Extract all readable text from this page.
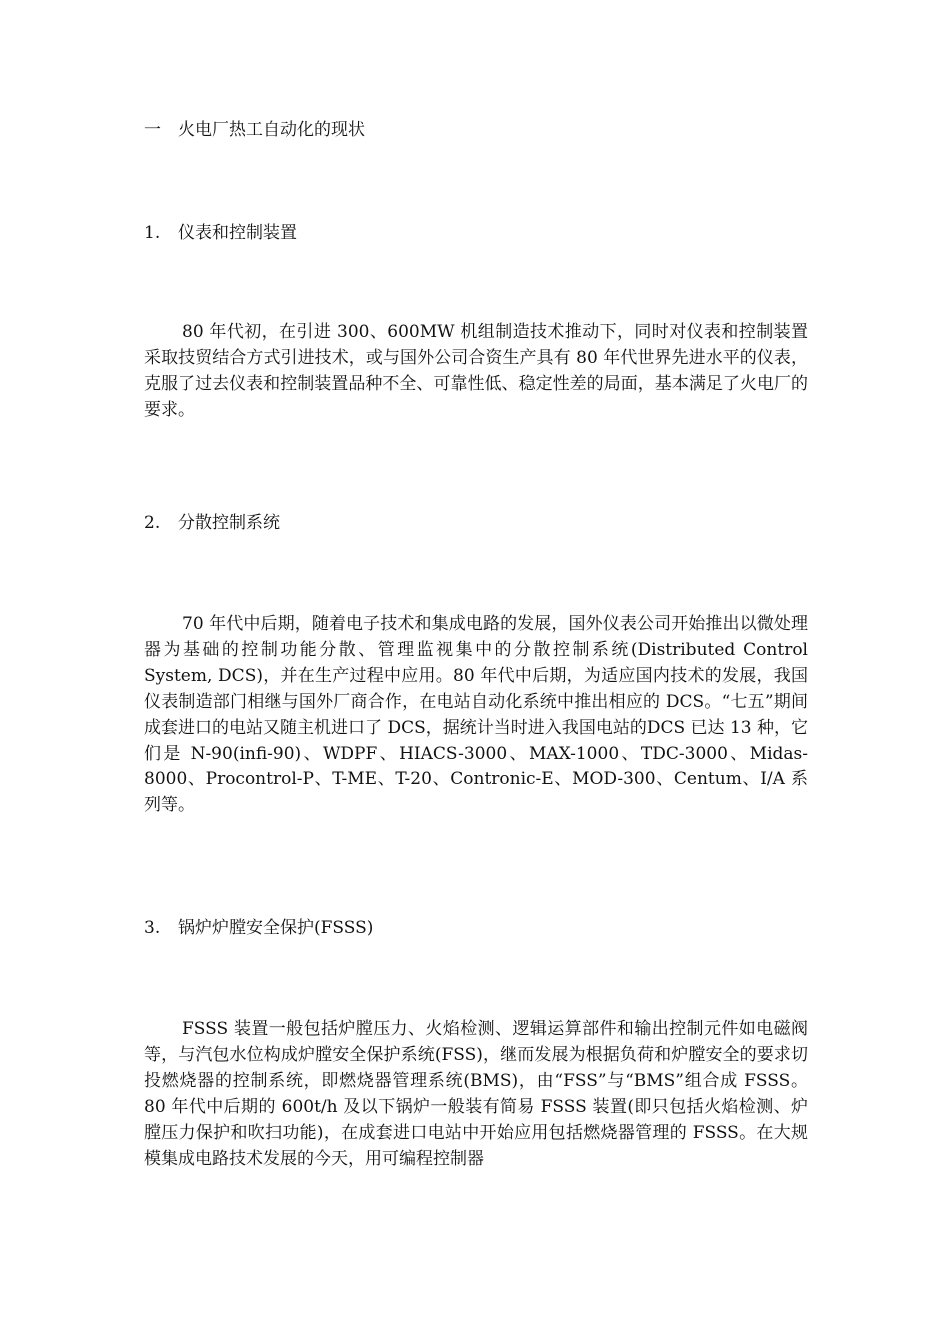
一 火电厂热工自动化的现状
1. 仪表和控制装置

80 年代初，在引进 300、600MW 机组制造技术推动下，同时对仪表和控制装置采取技贸结合方式引进技术，或与国外公司合资生产具有 80 年代世界先进水平的仪表，克服了过去仪表和控制装置品种不全、可靠性低、稳定性差的局面，基本满足了火电厂的要求。

2. 分散控制系统

70 年代中后期，随着电子技术和集成电路的发展，国外仪表公司开始推出以微处理器为基础的控制功能分散、管理监视集中的分散控制系统(Distributed Control System, DCS)，并在生产过程中应用。80 年代中后期，为适应国内技术的发展，我国仪表制造部门相继与国外厂商合作，在电站自动化系统中推出相应的 DCS。“七五”期间成套进口的电站又随主机进口了 DCS，据统计当时进入我国电站的DCS 已达 13 种，它们是 N-90(infi-90)、WDPF、HIACS-3000、MAX-1000、TDC-3000、Midas-8000、Procontrol-P、T-ME、T-20、Contronic-E、MOD-300、Centum、I/A 系列等。

3. 锅炉炉膛安全保护(FSSS)

FSSS 装置一般包括炉膛压力、火焰检测、逻辑运算部件和输出控制元件如电磁阀等，与汽包水位构成炉膛安全保护系统(FSS)，继而发展为根据负荷和炉膛安全的要求切投燃烧器的控制系统，即燃烧器管理系统(BMS)，由“FSS”与“BMS”组合成 FSSS。80 年代中后期的 600t/h 及以下锅炉一般装有简易 FSSS 装置(即只包括火焰检测、炉膛压力保护和吹扫功能)，在成套进口电站中开始应用包括燃烧器管理的 FSSS。在大规模集成电路技术发展的今天，用可编程控制器
